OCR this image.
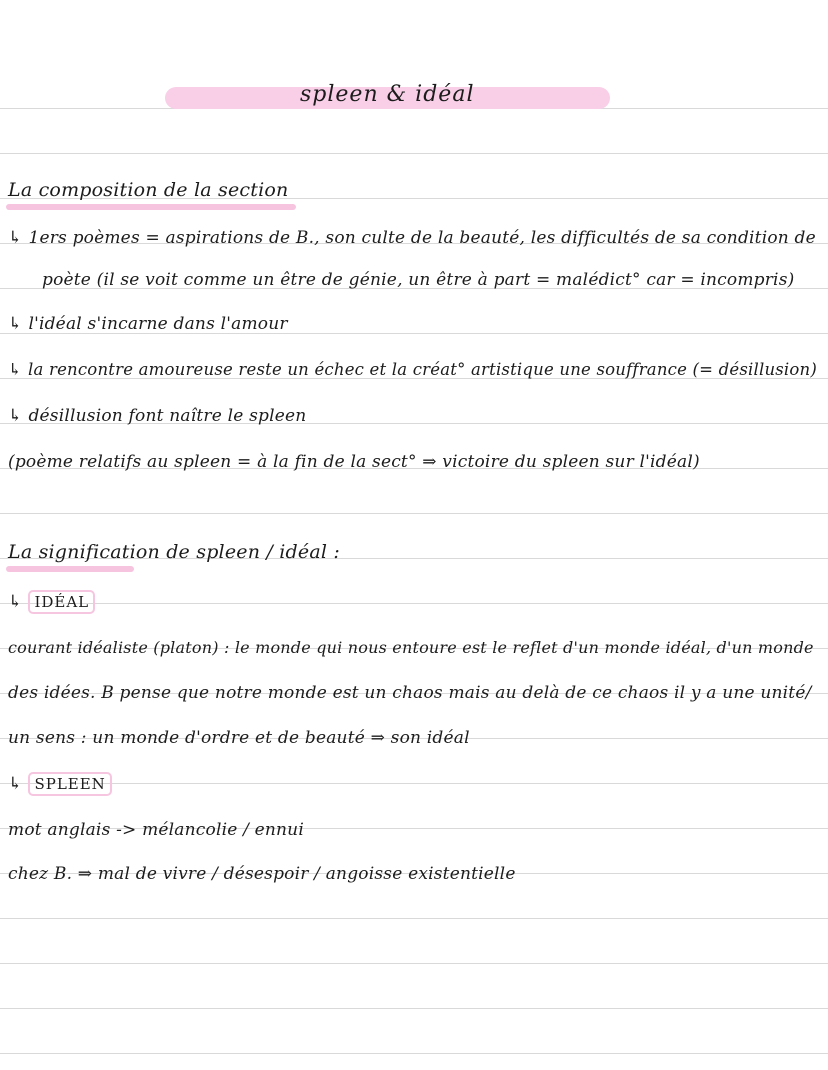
spleen & idéal
La composition de la section
↳ 1ers poèmes = aspirations de B., son culte de la beauté, les difficultés de sa condition de
poète (il se voit comme un être de génie, un être à part = malédict° car = incompris)
↳ l'idéal s'incarne dans l'amour
↳ la rencontre amoureuse reste un échec et la créat° artistique une souffrance (= désillusion)
↳ désillusion font naître le spleen
(poème relatifs au spleen = à la fin de la sect° ⇒ victoire du spleen sur l'idéal)
La signification de spleen / idéal :
↳ IDÉAL
courant idéaliste (platon) : le monde qui nous entoure est le reflet d'un monde idéal, d'un monde
des idées. B pense que notre monde est un chaos mais au delà de ce chaos il y a une unité/
un sens : un monde d'ordre et de beauté ⇒ son idéal
↳ SPLEEN
mot anglais -> mélancolie / ennui
chez B. ⇒ mal de vivre / désespoir / angoisse existentielle
